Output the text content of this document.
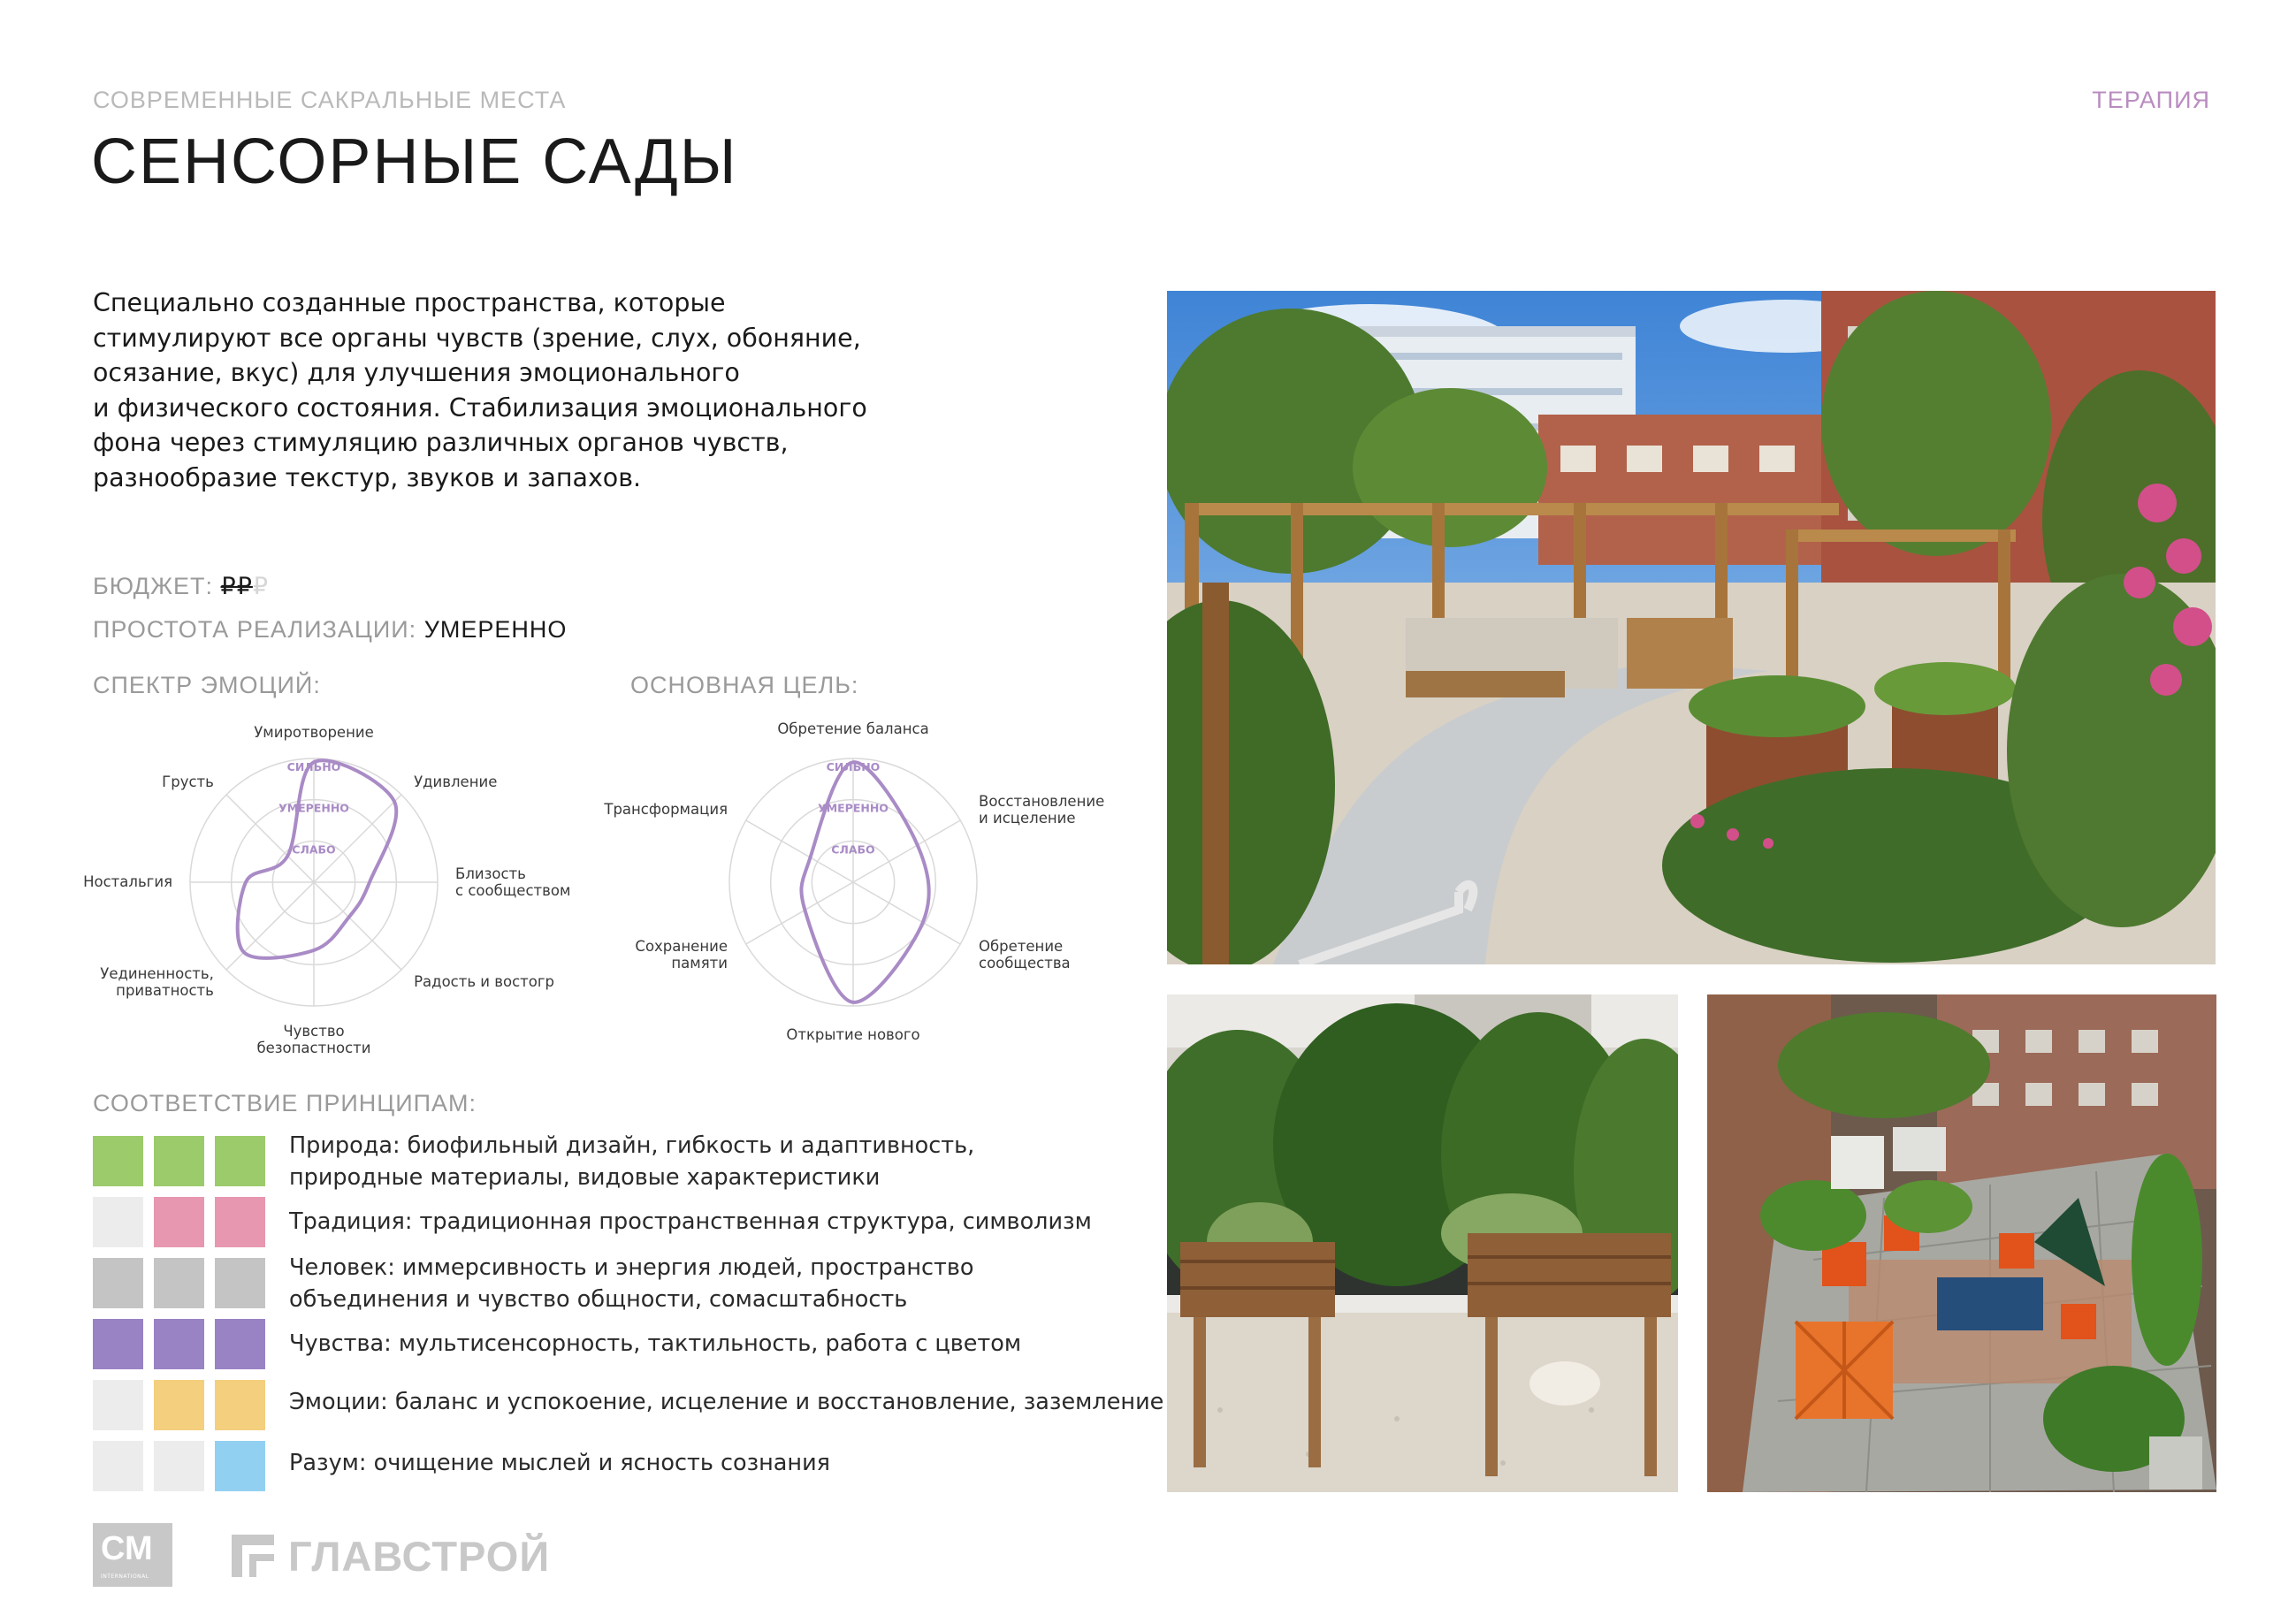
СОВРЕМЕННЫЕ САКРАЛЬНЫЕ МЕСТА	ТЕРАПИЯ
СЕНСОРНЫЕ САДЫ
Специально созданные пространства, которые
стимулируют все органы чувств (зрение, слух, обоняние,
осязание, вкус) для улучшения эмоционального
и физического состояния. Стабилизация эмоционального
фона через стимуляцию различных органов чувств,
разнообразие текстур, звуков и запахов.
БЮДЖЕТ: ₽₽₽
ПРОСТОТА РЕАЛИЗАЦИИ: УМЕРЕННО
СПЕКТР ЭМОЦИЙ:	ОСНОВНАЯ ЦЕЛЬ:
СИЛЬНО
УМЕРЕННО
СЛАБО
Умиротворение
Удивление
Близость с сообществом
Радость и востогр
Чувство безопастности
Уединенность, приватность
Ностальгия
Грусть
СИЛЬНО
УМЕРЕННО
СЛАБО
Обретение баланса
Восстановление и исцеление
Обретение сообщества
Открытие нового
Сохранение памяти
Трансформация
СООТВЕТСТВИЕ ПРИНЦИПАМ:
Природа: биофильный дизайн, гибкость и адаптивность,
природные материалы, видовые характеристики
Традиция: традиционная пространственная структура, символизм
Человек: иммерсивность и энергия людей, пространство
объединения и чувство общности, сомасштабность
Чувства: мультисенсорность, тактильность, работа с цветом
Эмоции: баланс и успокоение, исцеление и восстановление, заземление
Разум: очищение мыслей и ясность сознания
СМ
INTERNATIONAL	ГЛАВСТРОЙ
